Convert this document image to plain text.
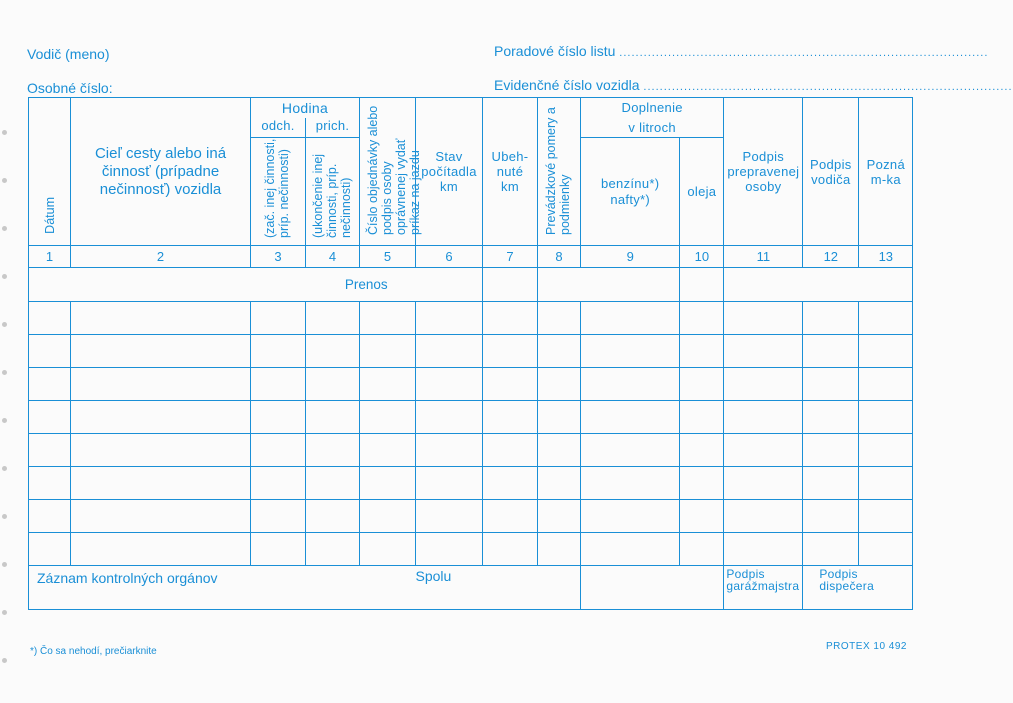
Vodič (meno)
Osobné číslo:
Poradové číslo listu ...........................................................................................
Evidenčné číslo vozidla ...........................................................................................
Dátum	Cieľ cesty alebo iná činnosť (prípadne nečinnosť) vozidla	Hodina		Číslo objednávky alebo podpis osoby oprávnenej vydať príkaz na jazdu	Stav počítadla km	Ubeh-nuté km	Prevádzkové pomery a podmienky	Doplnenie		Podpis prepravenej osoby	Podpis vodiča	Poznám-ka
		odch.	prich.					v litroch				
		(zač. inej činnosti, príp. nečinnosti)	(ukončenie inej činnosti, príp. nečinnosti)					benzínu*) nafty*)	oleja			
1	2	3	4	5	6	7	8	9	10	11	12	13
		Prenos										

Záznam kontrolných orgánov					Spolu					Podpis garážmajstra	Podpis dispečera	
*) Čo sa nehodí, prečiarknite	PROTEX 10 492
